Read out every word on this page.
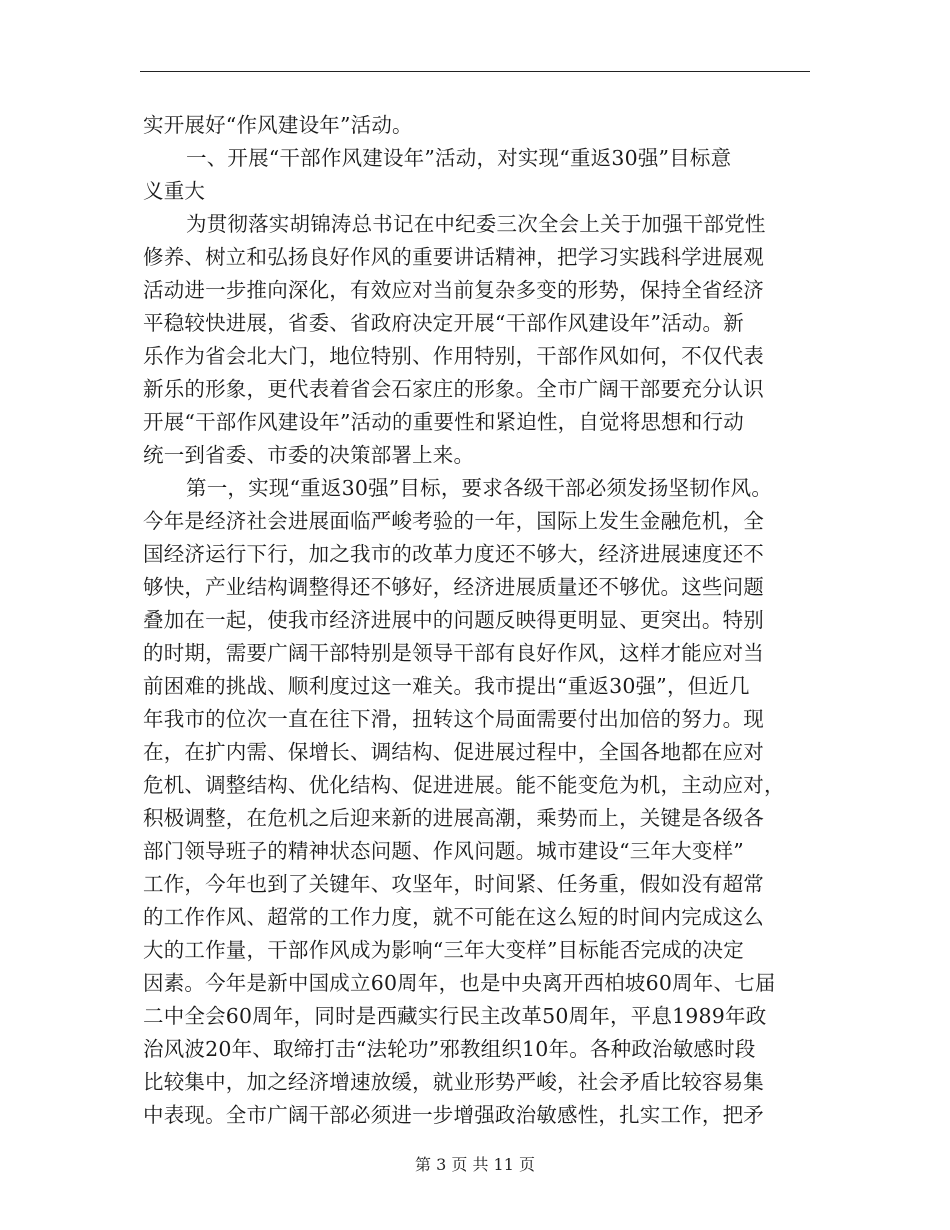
实开展好“作风建设年”活动。
一、开展“干部作风建设年”活动，对实现“重返30强”目标意
义重大
为贯彻落实胡锦涛总书记在中纪委三次全会上关于加强干部党性
修养、树立和弘扬良好作风的重要讲话精神，把学习实践科学进展观
活动进一步推向深化，有效应对当前复杂多变的形势，保持全省经济
平稳较快进展，省委、省政府决定开展“干部作风建设年”活动。新
乐作为省会北大门，地位特别、作用特别，干部作风如何，不仅代表
新乐的形象，更代表着省会石家庄的形象。全市广阔干部要充分认识
开展“干部作风建设年”活动的重要性和紧迫性，自觉将思想和行动
统一到省委、市委的决策部署上来。
第一，实现“重返30强”目标，要求各级干部必须发扬坚韧作风。
今年是经济社会进展面临严峻考验的一年，国际上发生金融危机，全
国经济运行下行，加之我市的改革力度还不够大，经济进展速度还不
够快，产业结构调整得还不够好，经济进展质量还不够优。这些问题
叠加在一起，使我市经济进展中的问题反映得更明显、更突出。特别
的时期，需要广阔干部特别是领导干部有良好作风，这样才能应对当
前困难的挑战、顺利度过这一难关。我市提出“重返30强”，但近几
年我市的位次一直在往下滑，扭转这个局面需要付出加倍的努力。现
在，在扩内需、保增长、调结构、促进展过程中，全国各地都在应对
危机、调整结构、优化结构、促进进展。能不能变危为机，主动应对，
积极调整，在危机之后迎来新的进展高潮，乘势而上，关键是各级各
部门领导班子的精神状态问题、作风问题。城市建设“三年大变样”
工作，今年也到了关键年、攻坚年，时间紧、任务重，假如没有超常
的工作作风、超常的工作力度，就不可能在这么短的时间内完成这么
大的工作量，干部作风成为影响“三年大变样”目标能否完成的决定
因素。今年是新中国成立60周年，也是中央离开西柏坡60周年、七届
二中全会60周年，同时是西藏实行民主改革50周年，平息1989年政
治风波20年、取缔打击“法轮功”邪教组织10年。各种政治敏感时段
比较集中，加之经济增速放缓，就业形势严峻，社会矛盾比较容易集
中表现。全市广阔干部必须进一步增强政治敏感性，扎实工作，把矛
第 3 页 共 11 页
